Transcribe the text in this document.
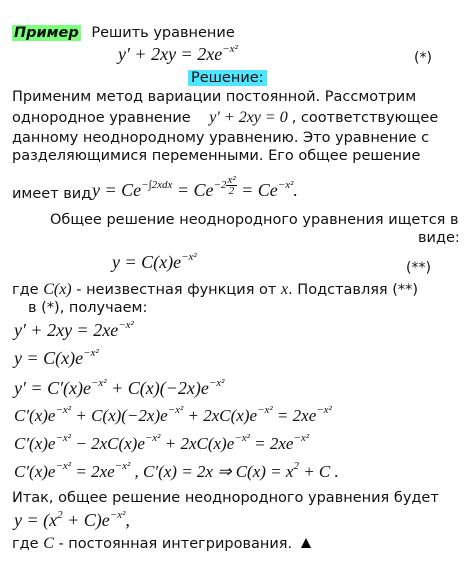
Пример Решить уравнение
$y' + 2xy = 2xe^{-x^2}$
(*)
Решение:
Применим метод вариации постоянной. Рассмотрим
однородное уравнение y′ + 2xy = 0 , соответствующее
данному неоднородному уравнению. Это уравнение с
разделяющимися переменными. Его общее решение
имеет вид $y = Ce^{-\int 2xdx} = Ce^{-2 \frac{\text{x²}}{2}} = Ce^{-x^2}$.
Общее решение неоднородного уравнения ищется в
виде:
$y = C(x)e^{-x^2}$
(**)
где C(x) - неизвестная функция от x. Подставляя (**)
в (*), получаем:
$y' + 2xy = 2xe^{-x^2}$
$y = C(x)e^{-x^2}$
$y' = C'(x)e^{-x^2} + C(x)(-2x)e^{-x^2}$
$C'(x)e^{-x^2} + C(x)(-2x)e^{-x^2} + 2xC(x)e^{-x^2} = 2xe^{-x^2}$
$C'(x)e^{-x^2} - 2xC(x)e^{-x^2} + 2xC(x)e^{-x^2} = 2xe^{-x^2}$
$C'(x)e^{-x^2} = 2xe^{-x^2}$ , C′(x) = 2x ⇒ $C(x) = x^2 + C$ .
Итак, общее решение неоднородного уравнения будет
$y = (x^2 + C)e^{-x^2}$,
где C - постоянная интегрирования.
